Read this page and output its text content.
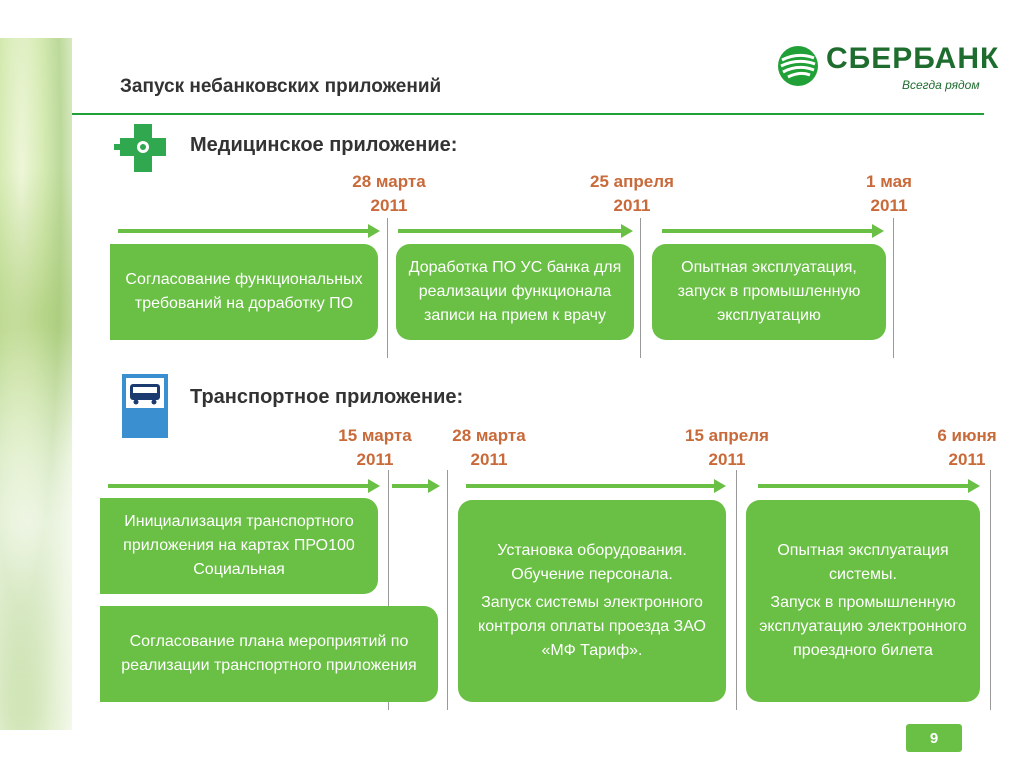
Запуск небанковских приложений
СБЕРБАНК
Всегда рядом
Медицинское приложение:
28 марта
2011
25 апреля
2011
1 мая
2011
Согласование функциональных требований на доработку ПО
Доработка ПО УС банка для реализации функционала записи на прием к врачу
Опытная эксплуатация, запуск в промышленную эксплуатацию
Транспортное приложение:
15 марта
2011
28 марта
2011
15 апреля
2011
6 июня
2011
Инициализация транспортного приложения на картах ПРО100 Социальная
Согласование плана мероприятий по реализации транспортного приложения
Установка оборудования. Обучение персонала.
Запуск системы электронного контроля оплаты проезда ЗАО «МФ Тариф».
Опытная эксплуатация системы.
Запуск в промышленную эксплуатацию электронного проездного билета
9
